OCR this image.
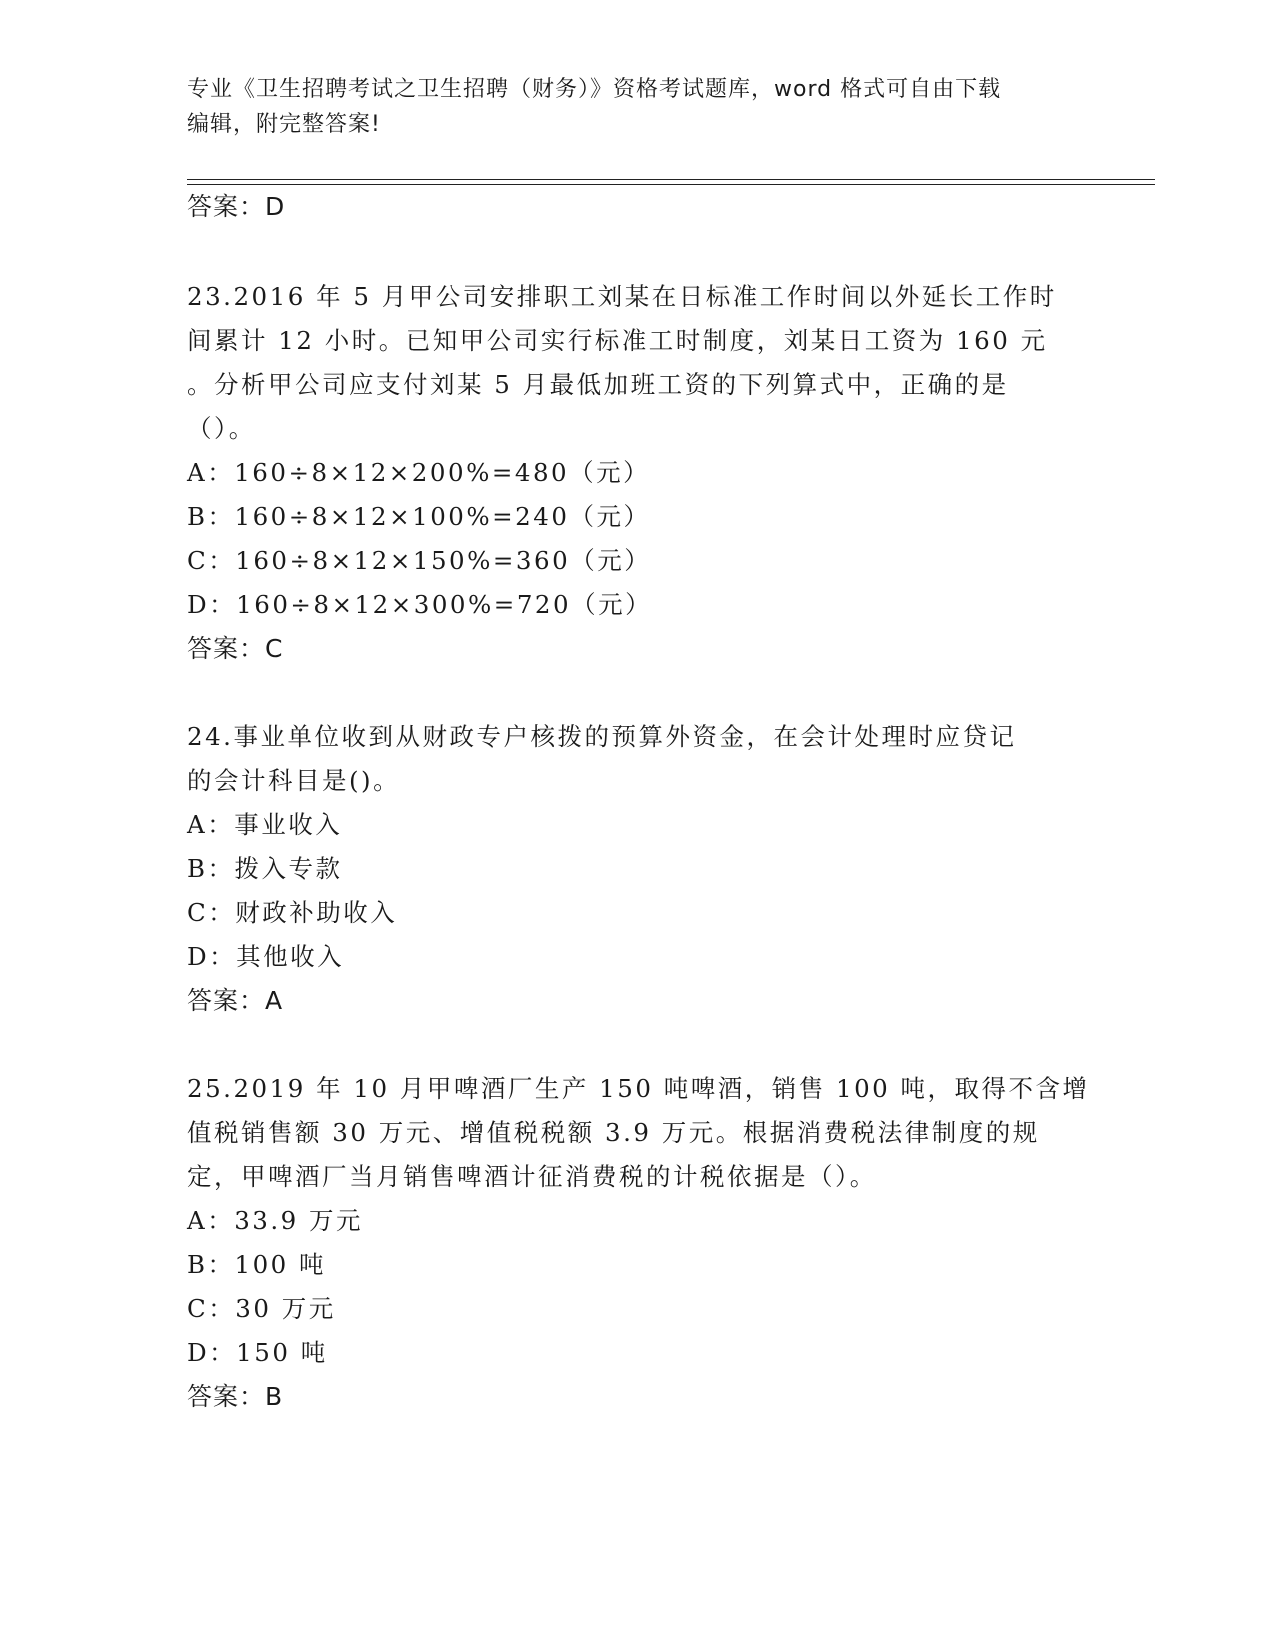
专业《卫生招聘考试之卫生招聘（财务）》资格考试题库，word 格式可自由下载
编辑，附完整答案!
答案：D
23.2016 年 5 月甲公司安排职工刘某在日标准工作时间以外延长工作时
间累计 12 小时。已知甲公司实行标准工时制度，刘某日工资为 160 元
。分析甲公司应支付刘某 5 月最低加班工资的下列算式中，正确的是
（）。
A：160÷8×12×200%=480（元）
B：160÷8×12×100%=240（元）
C：160÷8×12×150%=360（元）
D：160÷8×12×300%=720（元）
答案：C
24.事业单位收到从财政专户核拨的预算外资金，在会计处理时应贷记
的会计科目是()。
A：事业收入
B：拨入专款
C：财政补助收入
D：其他收入
答案：A
25.2019 年 10 月甲啤酒厂生产 150 吨啤酒，销售 100 吨，取得不含增
值税销售额 30 万元、增值税税额 3.9 万元。根据消费税法律制度的规
定，甲啤酒厂当月销售啤酒计征消费税的计税依据是（）。
A：33.9 万元
B：100 吨
C：30 万元
D：150 吨
答案：B
